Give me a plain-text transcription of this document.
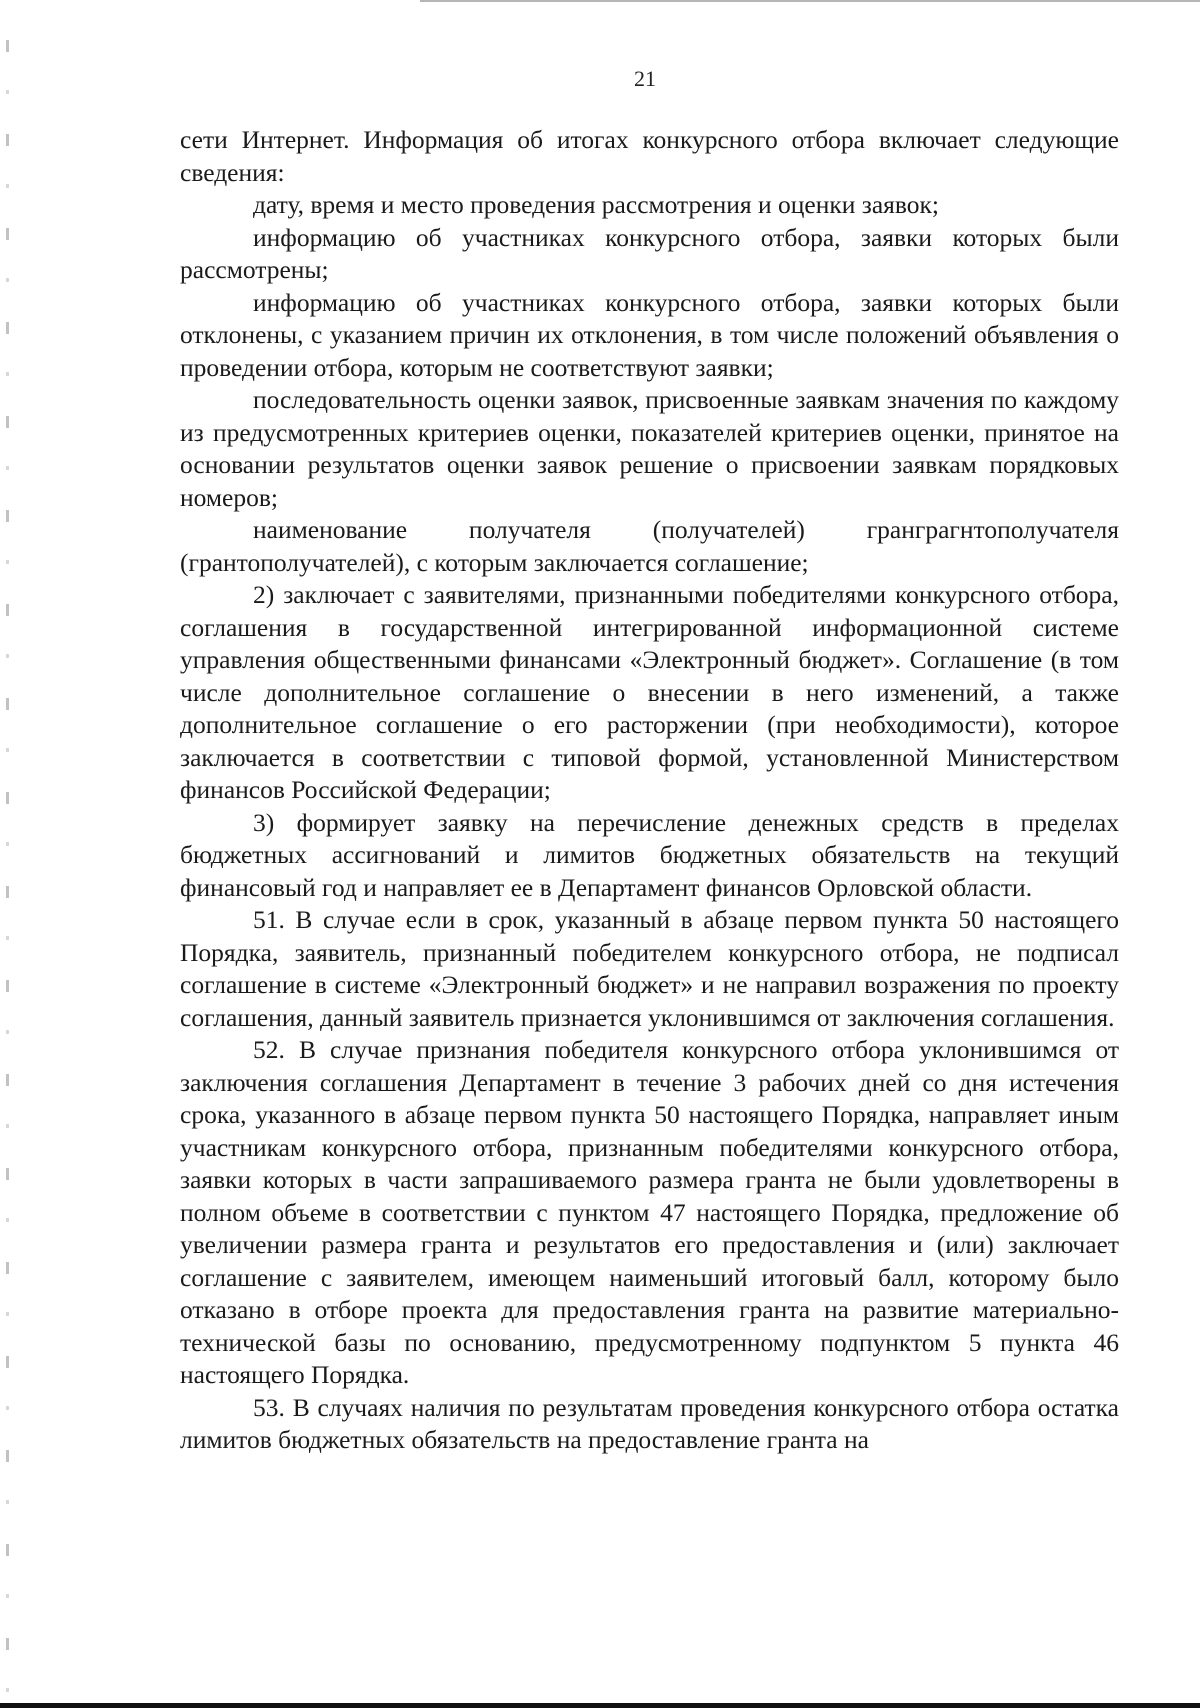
21

сети Интернет. Информация об итогах конкурсного отбора включает следующие сведения:

дату, время и место проведения рассмотрения и оценки заявок;

информацию об участниках конкурсного отбора, заявки которых были рассмотрены;

информацию об участниках конкурсного отбора, заявки которых были отклонены, с указанием причин их отклонения, в том числе положений объявления о проведении отбора, которым не соответствуют заявки;

последовательность оценки заявок, присвоенные заявкам значения по каждому из предусмотренных критериев оценки, показателей критериев оценки, принятое на основании результатов оценки заявок решение о присвоении заявкам порядковых номеров;

наименование получателя (получателей) гранграгнтополучателя (грантополучателей), с которым заключается соглашение;

2) заключает с заявителями, признанными победителями конкурсного отбора, соглашения в государственной интегрированной информационной системе управления общественными финансами «Электронный бюджет». Соглашение (в том числе дополнительное соглашение о внесении в него изменений, а также дополнительное соглашение о его расторжении (при необходимости), которое заключается в соответствии с типовой формой, установленной Министерством финансов Российской Федерации;

3) формирует заявку на перечисление денежных средств в пределах бюджетных ассигнований и лимитов бюджетных обязательств на текущий финансовый год и направляет ее в Департамент финансов Орловской области.

51. В случае если в срок, указанный в абзаце первом пункта 50 настоящего Порядка, заявитель, признанный победителем конкурсного отбора, не подписал соглашение в системе «Электронный бюджет» и не направил возражения по проекту соглашения, данный заявитель признается уклонившимся от заключения соглашения.

52. В случае признания победителя конкурсного отбора уклонившимся от заключения соглашения Департамент в течение 3 рабочих дней со дня истечения срока, указанного в абзаце первом пункта 50 настоящего Порядка, направляет иным участникам конкурсного отбора, признанным победителями конкурсного отбора, заявки которых в части запрашиваемого размера гранта не были удовлетворены в полном объеме в соответствии с пунктом 47 настоящего Порядка, предложение об увеличении размера гранта и результатов его предоставления и (или) заключает соглашение с заявителем, имеющем наименьший итоговый балл, которому было отказано в отборе проекта для предоставления гранта на развитие материально-технической базы по основанию, предусмотренному подпунктом 5 пункта 46 настоящего Порядка.

53. В случаях наличия по результатам проведения конкурсного отбора остатка лимитов бюджетных обязательств на предоставление гранта на
